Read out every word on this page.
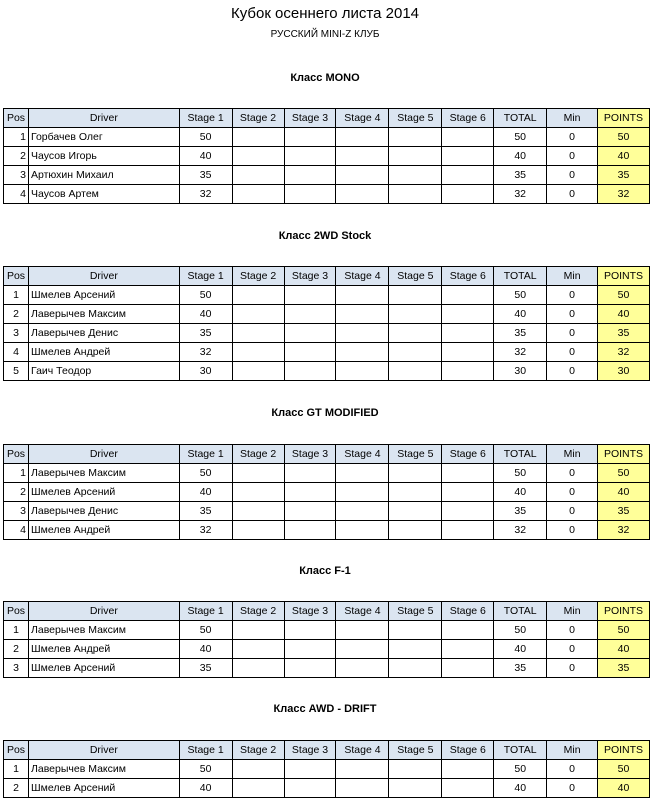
Кубок осеннего листа 2014
РУССКИЙ MINI-Z КЛУБ
Класс MONO
Pos	Driver	Stage 1	Stage 2	Stage 3	Stage 4	Stage 5	Stage 6	TOTAL	Min	POINTS
1	Горбачев Олег	50						50	0	50
2	Чаусов Игорь	40						40	0	40
3	Артюхин Михаил	35						35	0	35
4	Чаусов Артем	32						32	0	32
Класс 2WD Stock
Pos	Driver	Stage 1	Stage 2	Stage 3	Stage 4	Stage 5	Stage 6	TOTAL	Min	POINTS
1	Шмелев Арсений	50						50	0	50
2	Лаверычев Максим	40						40	0	40
3	Лаверычев Денис	35						35	0	35
4	Шмелев Андрей	32						32	0	32
5	Гаич Теодор	30						30	0	30
Класс GT MODIFIED
Pos	Driver	Stage 1	Stage 2	Stage 3	Stage 4	Stage 5	Stage 6	TOTAL	Min	POINTS
1	Лаверычев Максим	50						50	0	50
2	Шмелев Арсений	40						40	0	40
3	Лаверычев Денис	35						35	0	35
4	Шмелев Андрей	32						32	0	32
Класс F-1
Pos	Driver	Stage 1	Stage 2	Stage 3	Stage 4	Stage 5	Stage 6	TOTAL	Min	POINTS
1	Лаверычев Максим	50						50	0	50
2	Шмелев Андрей	40						40	0	40
3	Шмелев Арсений	35						35	0	35
Класс AWD - DRIFT
Pos	Driver	Stage 1	Stage 2	Stage 3	Stage 4	Stage 5	Stage 6	TOTAL	Min	POINTS
1	Лаверычев Максим	50						50	0	50
2	Шмелев Арсений	40						40	0	40
